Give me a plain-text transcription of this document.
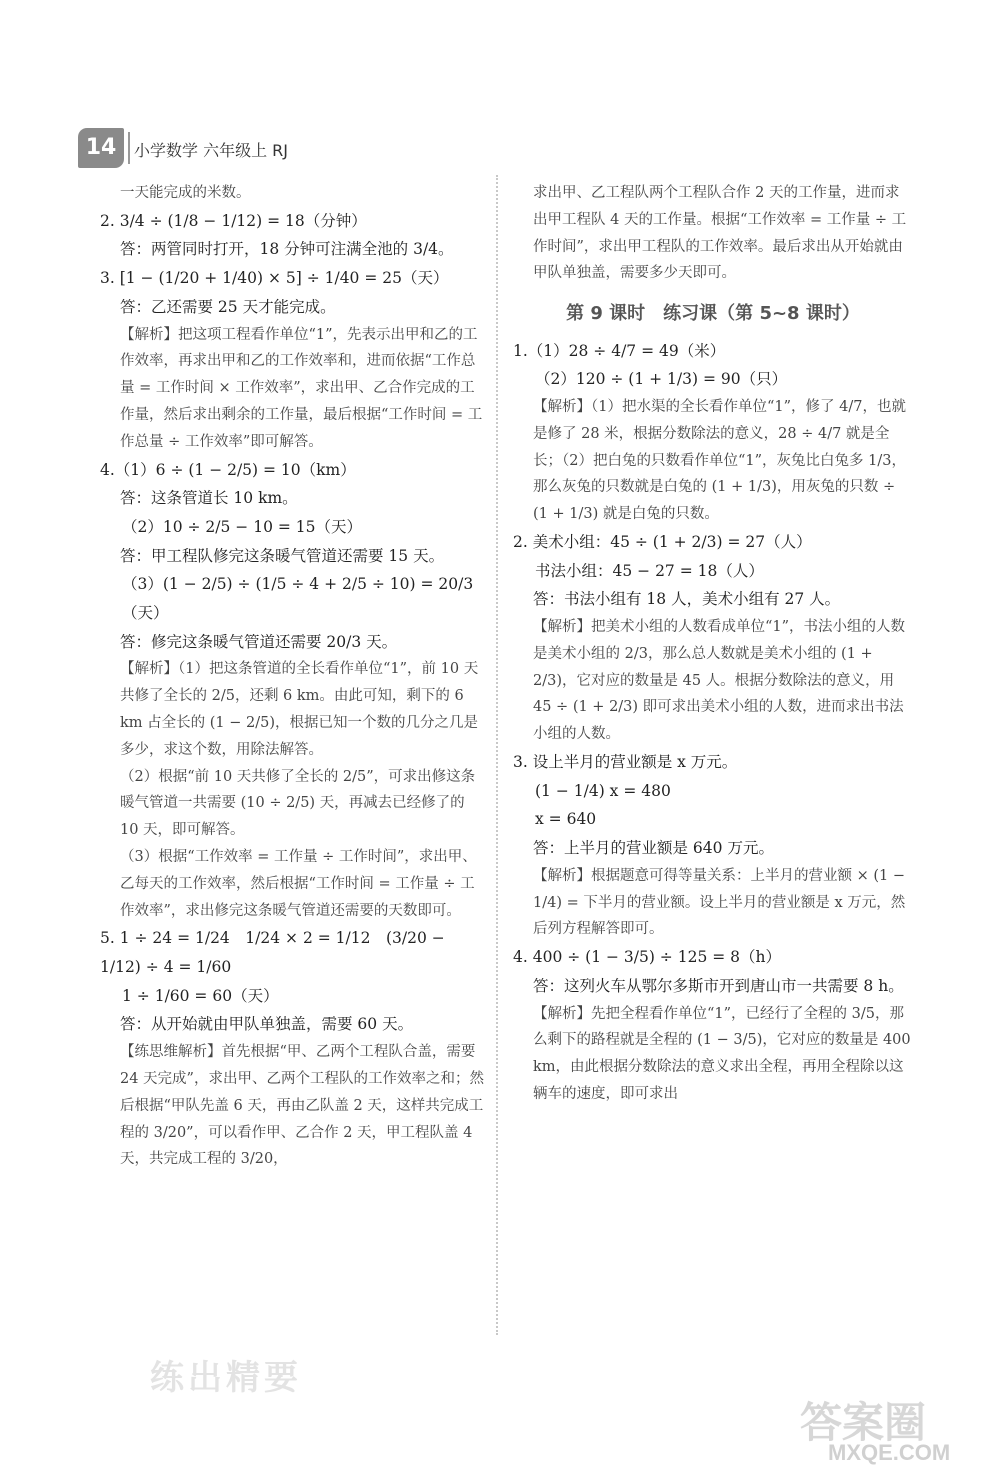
14	小学数学 六年级上 RJ

一天能完成的米数。

2. 3/4 ÷ (1/8 − 1/12) = 18（分钟）

答：两管同时打开，18 分钟可注满全池的 3/4。

3. [1 − (1/20 + 1/40) × 5] ÷ 1/40 = 25（天）

答：乙还需要 25 天才能完成。

【解析】把这项工程看作单位“1”，先表示出甲和乙的工作效率，再求出甲和乙的工作效率和，进而依据“工作总量 = 工作时间 × 工作效率”，求出甲、乙合作完成的工作量，然后求出剩余的工作量，最后根据“工作时间 = 工作总量 ÷ 工作效率”即可解答。

4.（1）6 ÷ (1 − 2/5) = 10（km）

答：这条管道长 10 km。

（2）10 ÷ 2/5 − 10 = 15（天）

答：甲工程队修完这条暖气管道还需要 15 天。

（3）(1 − 2/5) ÷ (1/5 ÷ 4 + 2/5 ÷ 10) = 20/3（天）

答：修完这条暖气管道还需要 20/3 天。

【解析】（1）把这条管道的全长看作单位“1”，前 10 天共修了全长的 2/5，还剩 6 km。由此可知，剩下的 6 km 占全长的 (1 − 2/5)，根据已知一个数的几分之几是多少，求这个数，用除法解答。

（2）根据“前 10 天共修了全长的 2/5”，可求出修这条暖气管道一共需要 (10 ÷ 2/5) 天，再减去已经修了的 10 天，即可解答。

（3）根据“工作效率 = 工作量 ÷ 工作时间”，求出甲、乙每天的工作效率，然后根据“工作时间 = 工作量 ÷ 工作效率”，求出修完这条暖气管道还需要的天数即可。

5. 1 ÷ 24 = 1/24　1/24 × 2 = 1/12　(3/20 − 1/12) ÷ 4 = 1/60

1 ÷ 1/60 = 60（天）

答：从开始就由甲队单独盖，需要 60 天。

【练思维解析】首先根据“甲、乙两个工程队合盖，需要 24 天完成”，求出甲、乙两个工程队的工作效率之和；然后根据“甲队先盖 6 天，再由乙队盖 2 天，这样共完成工程的 3/20”，可以看作甲、乙合作 2 天，甲工程队盖 4 天，共完成工程的 3/20，

求出甲、乙工程队两个工程队合作 2 天的工作量，进而求出甲工程队 4 天的工作量。根据“工作效率 = 工作量 ÷ 工作时间”，求出甲工程队的工作效率。最后求出从开始就由甲队单独盖，需要多少天即可。

第 9 课时　练习课（第 5~8 课时）

1.（1）28 ÷ 4/7 = 49（米）

（2）120 ÷ (1 + 1/3) = 90（只）

【解析】（1）把水渠的全长看作单位“1”，修了 4/7，也就是修了 28 米，根据分数除法的意义，28 ÷ 4/7 就是全长；（2）把白兔的只数看作单位“1”，灰兔比白兔多 1/3，那么灰兔的只数就是白兔的 (1 + 1/3)，用灰兔的只数 ÷ (1 + 1/3) 就是白兔的只数。

2. 美术小组：45 ÷ (1 + 2/3) = 27（人）

书法小组：45 − 27 = 18（人）

答：书法小组有 18 人，美术小组有 27 人。

【解析】把美术小组的人数看成单位“1”，书法小组的人数是美术小组的 2/3，那么总人数就是美术小组的 (1 + 2/3)，它对应的数量是 45 人。根据分数除法的意义，用 45 ÷ (1 + 2/3) 即可求出美术小组的人数，进而求出书法小组的人数。

3. 设上半月的营业额是 x 万元。

(1 − 1/4) x = 480

x = 640

答：上半月的营业额是 640 万元。

【解析】根据题意可得等量关系：上半月的营业额 × (1 − 1/4) = 下半月的营业额。设上半月的营业额是 x 万元，然后列方程解答即可。

4. 400 ÷ (1 − 3/5) ÷ 125 = 8（h）

答：这列火车从鄂尔多斯市开到唐山市一共需要 8 h。

【解析】先把全程看作单位“1”，已经行了全程的 3/5，那么剩下的路程就是全程的 (1 − 3/5)，它对应的数量是 400 km，由此根据分数除法的意义求出全程，再用全程除以这辆车的速度，即可求出

练出精要
答案圈
MXQE.COM
